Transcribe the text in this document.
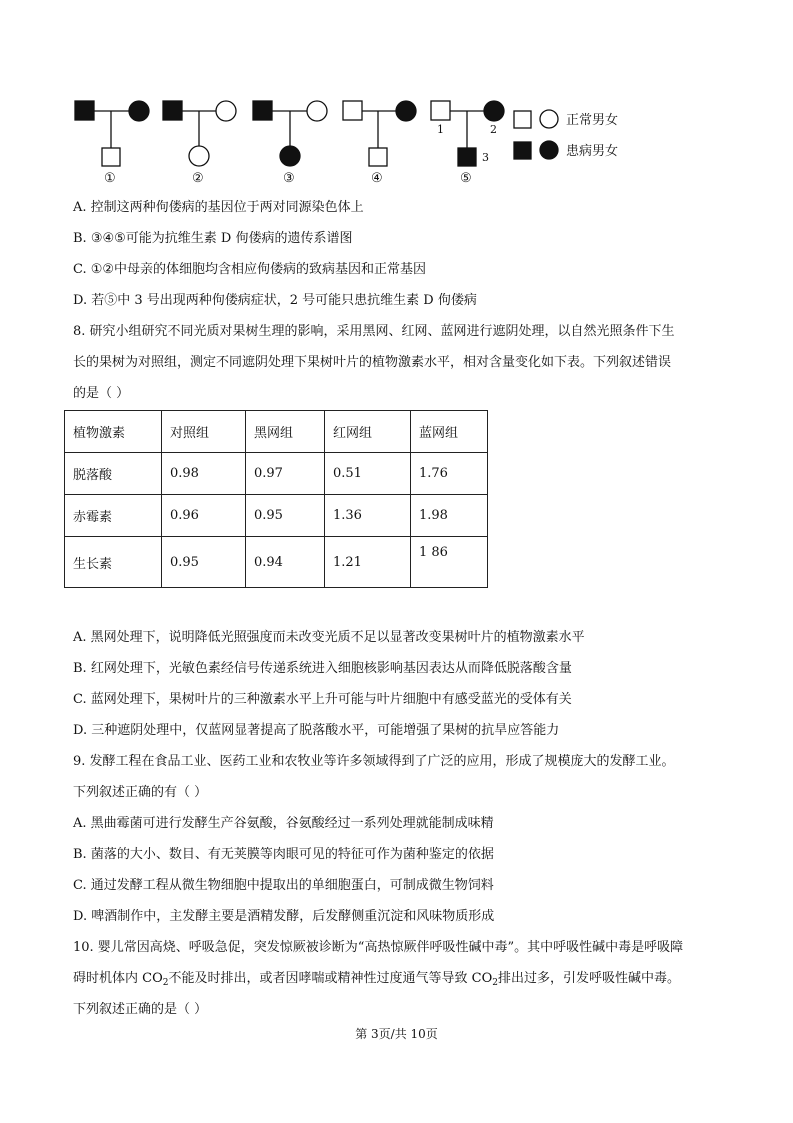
①	②	③	④	⑤
1	2
3
正常男女
患病男女
A. 控制这两种佝偻病的基因位于两对同源染色体上
B. ③④⑤可能为抗维生素 D 佝偻病的遗传系谱图
C. ①②中母亲的体细胞均含相应佝偻病的致病基因和正常基因
D. 若⑤中 3 号出现两种佝偻病症状，2 号可能只患抗维生素 D 佝偻病
8. 研究小组研究不同光质对果树生理的影响，采用黑网、红网、蓝网进行遮阴处理，以自然光照条件下生
长的果树为对照组，测定不同遮阴处理下果树叶片的植物激素水平，相对含量变化如下表。下列叙述错误
的是（ ）
植物激素	对照组	黑网组	红网组	蓝网组
脱落酸	0.98	0.97	0.51	1.76
赤霉素	0.96	0.95	1.36	1.98
生长素	0.95	0.94	1.21	1 86
A. 黑网处理下，说明降低光照强度而未改变光质不足以显著改变果树叶片的植物激素水平
B. 红网处理下，光敏色素经信号传递系统进入细胞核影响基因表达从而降低脱落酸含量
C. 蓝网处理下，果树叶片的三种激素水平上升可能与叶片细胞中有感受蓝光的受体有关
D. 三种遮阴处理中，仅蓝网显著提高了脱落酸水平，可能增强了果树的抗旱应答能力
9. 发酵工程在食品工业、医药工业和农牧业等许多领域得到了广泛的应用，形成了规模庞大的发酵工业。
下列叙述正确的有（ ）
A. 黑曲霉菌可进行发酵生产谷氨酸，谷氨酸经过一系列处理就能制成味精
B. 菌落的大小、数目、有无荚膜等肉眼可见的特征可作为菌种鉴定的依据
C. 通过发酵工程从微生物细胞中提取出的单细胞蛋白，可制成微生物饲料
D. 啤酒制作中，主发酵主要是酒精发酵，后发酵侧重沉淀和风味物质形成
10. 婴儿常因高烧、呼吸急促，突发惊厥被诊断为“高热惊厥伴呼吸性碱中毒”。其中呼吸性碱中毒是呼吸障
碍时机体内 $CO_2$不能及时排出，或者因哮喘或精神性过度通气等导致 $CO_2$排出过多，引发呼吸性碱中毒。
下列叙述正确的是（ ）
第 3页/共 10页
